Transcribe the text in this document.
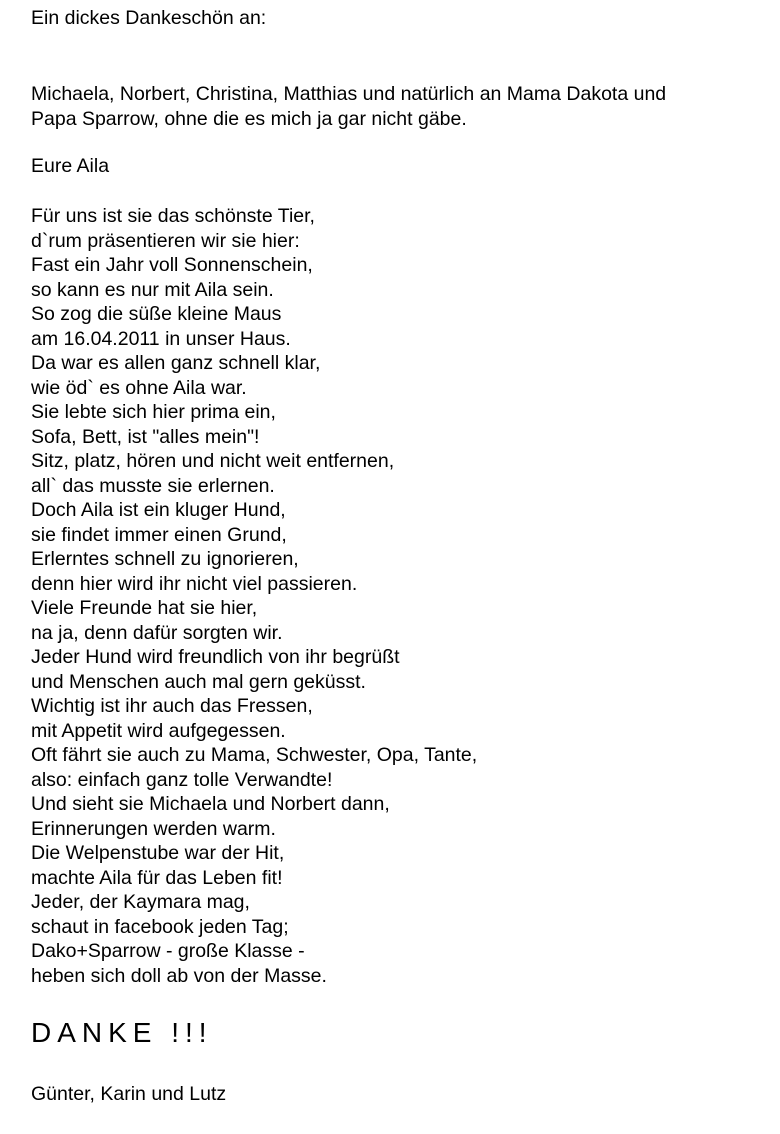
Ein dickes Dankeschön an:
Michaela, Norbert, Christina, Matthias und natürlich an Mama Dakota und
Papa Sparrow, ohne die es mich ja gar nicht gäbe.
Eure Aila
Für uns ist sie das schönste Tier,
d`rum präsentieren wir sie hier:
Fast ein Jahr voll Sonnenschein,
so kann es nur mit Aila sein.
So zog die süße kleine Maus
am 16.04.2011 in unser Haus.
Da war es allen ganz schnell klar,
wie öd` es ohne Aila war.
Sie lebte sich hier prima ein,
Sofa, Bett, ist "alles mein"!
Sitz, platz, hören und nicht weit entfernen,
all` das musste sie erlernen.
Doch Aila ist ein kluger Hund,
sie findet immer einen Grund,
Erlerntes schnell zu ignorieren,
denn hier wird ihr nicht viel passieren.
Viele Freunde hat sie hier,
na ja, denn dafür sorgten wir.
Jeder Hund wird freundlich von ihr begrüßt
und Menschen auch mal gern geküsst.
Wichtig ist ihr auch das Fressen,
mit Appetit wird aufgegessen.
Oft fährt sie auch zu Mama, Schwester, Opa, Tante,
also: einfach ganz tolle Verwandte!
Und sieht sie Michaela und Norbert dann,
Erinnerungen werden warm.
Die Welpenstube war der Hit,
machte Aila für das Leben fit!
Jeder, der Kaymara mag,
schaut in facebook jeden Tag;
Dako+Sparrow - große Klasse -
heben sich doll ab von der Masse.
DANKE !!!
Günter, Karin und Lutz
